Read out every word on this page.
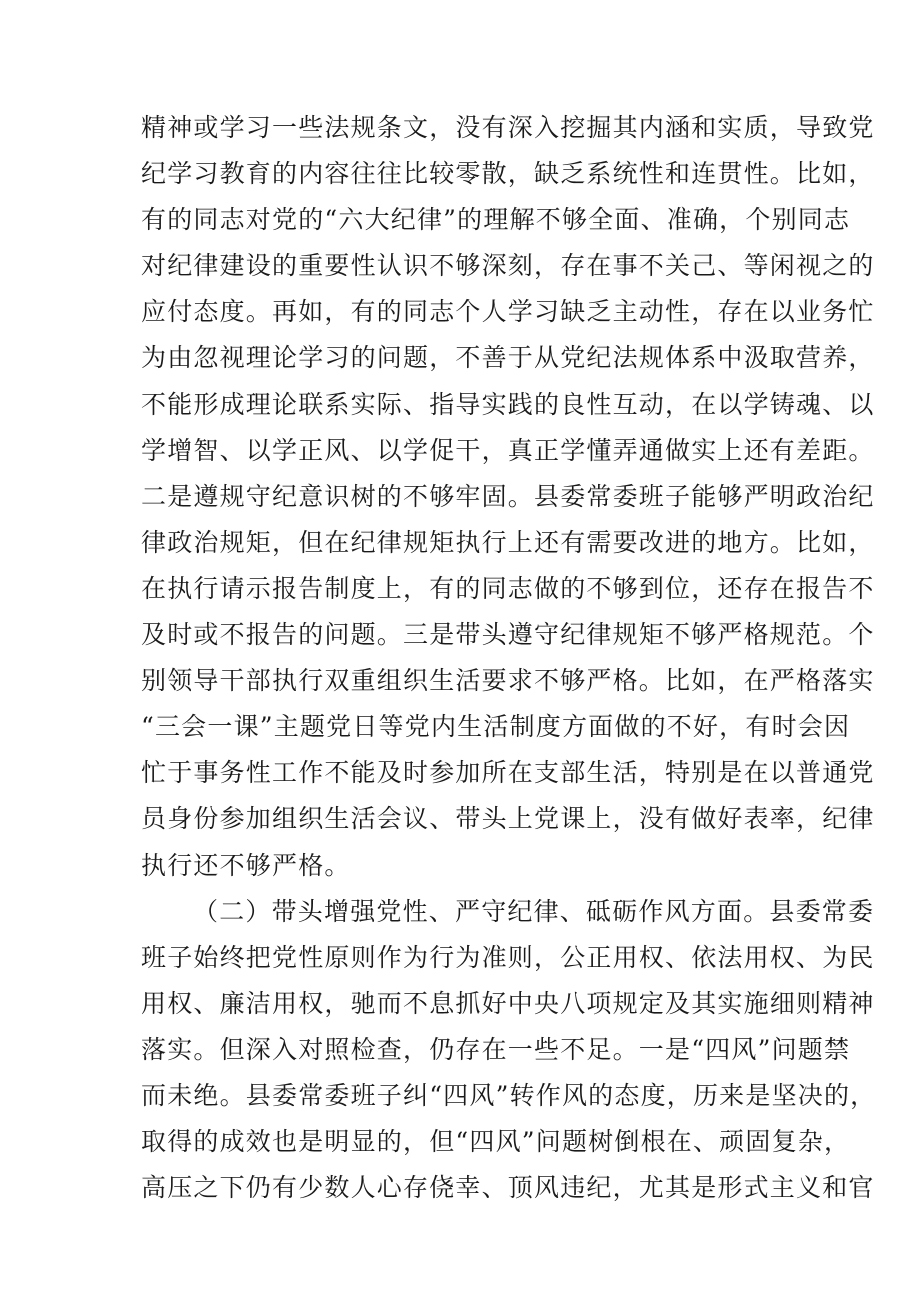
精神或学习一些法规条文，没有深入挖掘其内涵和实质，导致党
纪学习教育的内容往往比较零散，缺乏系统性和连贯性。比如，
有的同志对党的“六大纪律”的理解不够全面、准确，个别同志
对纪律建设的重要性认识不够深刻，存在事不关己、等闲视之的
应付态度。再如，有的同志个人学习缺乏主动性，存在以业务忙
为由忽视理论学习的问题，不善于从党纪法规体系中汲取营养，
不能形成理论联系实际、指导实践的良性互动，在以学铸魂、以
学增智、以学正风、以学促干，真正学懂弄通做实上还有差距。
二是遵规守纪意识树的不够牢固。县委常委班子能够严明政治纪
律政治规矩，但在纪律规矩执行上还有需要改进的地方。比如，
在执行请示报告制度上，有的同志做的不够到位，还存在报告不
及时或不报告的问题。三是带头遵守纪律规矩不够严格规范。个
别领导干部执行双重组织生活要求不够严格。比如，在严格落实
“三会一课”主题党日等党内生活制度方面做的不好，有时会因
忙于事务性工作不能及时参加所在支部生活，特别是在以普通党
员身份参加组织生活会议、带头上党课上，没有做好表率，纪律
执行还不够严格。
（二）带头增强党性、严守纪律、砥砺作风方面。县委常委
班子始终把党性原则作为行为准则，公正用权、依法用权、为民
用权、廉洁用权，驰而不息抓好中央八项规定及其实施细则精神
落实。但深入对照检查，仍存在一些不足。一是“四风”问题禁
而未绝。县委常委班子纠“四风”转作风的态度，历来是坚决的，
取得的成效也是明显的，但“四风”问题树倒根在、顽固复杂，
高压之下仍有少数人心存侥幸、顶风违纪，尤其是形式主义和官
